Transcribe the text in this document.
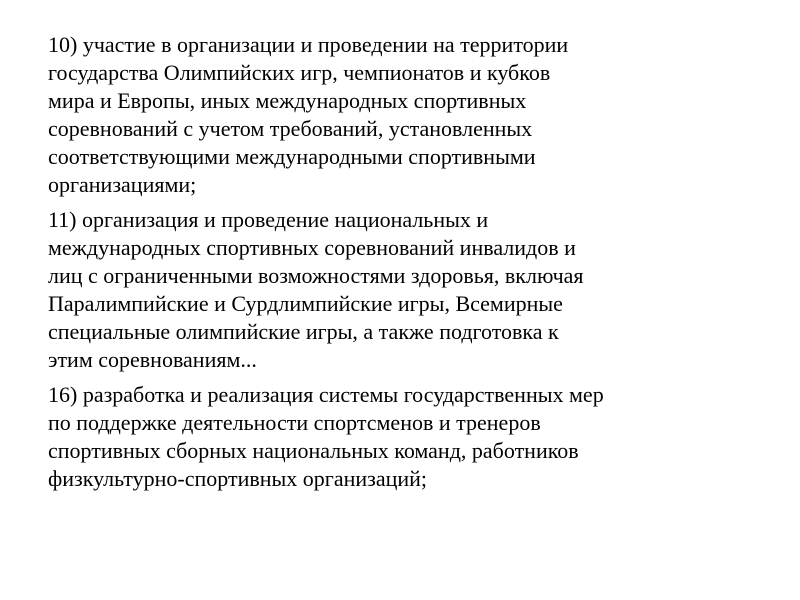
10) участие в организации и проведении на территории
государства Олимпийских игр, чемпионатов и кубков
мира и Европы, иных международных спортивных
соревнований с учетом требований, установленных
соответствующими международными спортивными
организациями;
11) организация и проведение национальных и
международных спортивных соревнований инвалидов и
лиц с ограниченными возможностями здоровья, включая
Паралимпийские и Сурдлимпийские игры, Всемирные
специальные олимпийские игры, а также подготовка к
этим соревнованиям...
16) разработка и реализация системы государственных мер
по поддержке деятельности спортсменов и тренеров
спортивных сборных национальных команд, работников
физкультурно-спортивных организаций;
